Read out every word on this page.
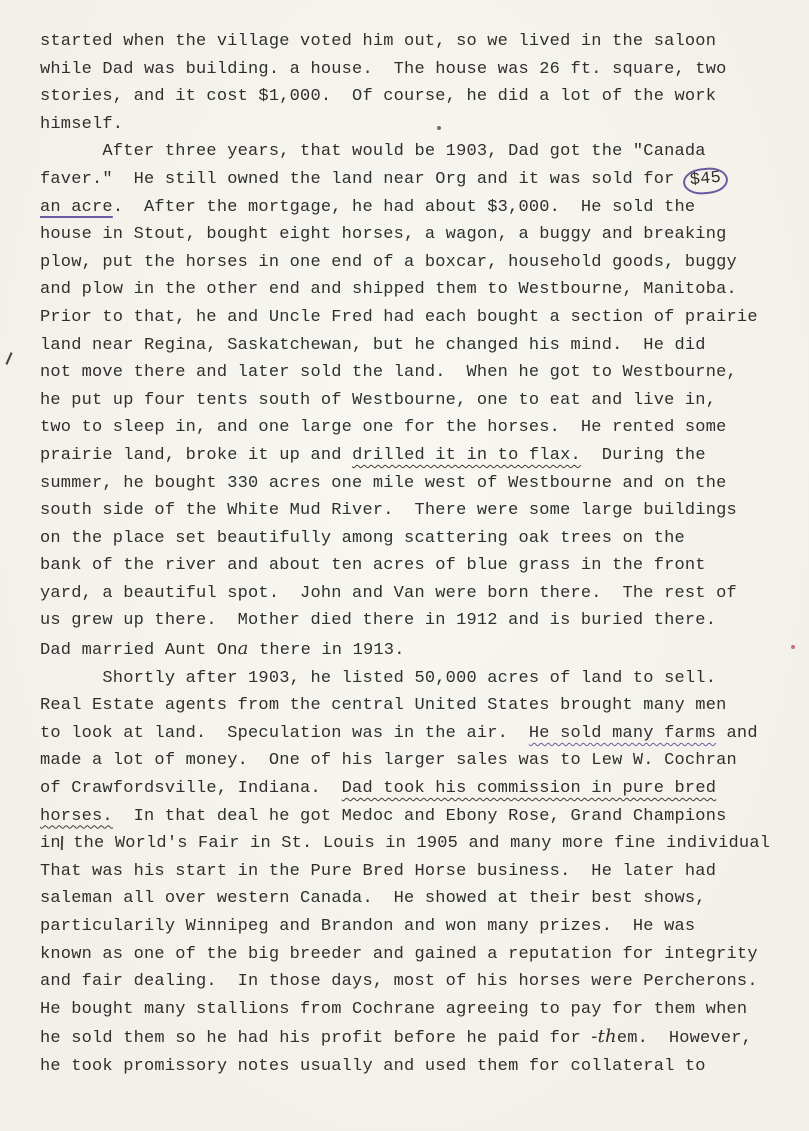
started when the village voted him out, so we lived in the saloon
while Dad was building. a house.  The house was 26 ft. square, two
stories, and it cost $1,000.  Of course, he did a lot of the work
himself.
After three years, that would be 1903, Dad got the "Canada
faver."  He still owned the land near Org and it was sold for $45
an acre.  After the mortgage, he had about $3,000.  He sold the
house in Stout, bought eight horses, a wagon, a buggy and breaking
plow, put the horses in one end of a boxcar, household goods, buggy
and plow in the other end and shipped them to Westbourne, Manitoba.
Prior to that, he and Uncle Fred had each bought a section of prairie
land near Regina, Saskatchewan, but he changed his mind.  He did
not move there and later sold the land.  When he got to Westbourne,
he put up four tents south of Westbourne, one to eat and live in,
two to sleep in, and one large one for the horses.  He rented some
prairie land, broke it up and drilled it in to flax.  During the
summer, he bought 330 acres one mile west of Westbourne and on the
south side of the White Mud River.  There were some large buildings
on the place set beautifully among scattering oak trees on the
bank of the river and about ten acres of blue grass in the front
yard, a beautiful spot.  John and Van were born there.  The rest of
us grew up there.  Mother died there in 1912 and is buried there.
Dad married Aunt Ona there in 1913.
Shortly after 1903, he listed 50,000 acres of land to sell.
Real Estate agents from the central United States brought many men
to look at land.  Speculation was in the air.  He sold many farms and
made a lot of money.  One of his larger sales was to Lew W. Cochran
of Crawfordsville, Indiana.  Dad took his commission in pure bred
horses.  In that deal he got Medoc and Ebony Rose, Grand Champions
in the World's Fair in St. Louis in 1905 and many more fine individual
That was his start in the Pure Bred Horse business.  He later had
saleman all over western Canada.  He showed at their best shows,
particularily Winnipeg and Brandon and won many prizes.  He was
known as one of the big breeder and gained a reputation for integrity
and fair dealing.  In those days, most of his horses were Percherons.
He bought many stallions from Cochrane agreeing to pay for them when
he sold them so he had his profit before he paid for -them.  However,
he took promissory notes usually and used them for collateral to
